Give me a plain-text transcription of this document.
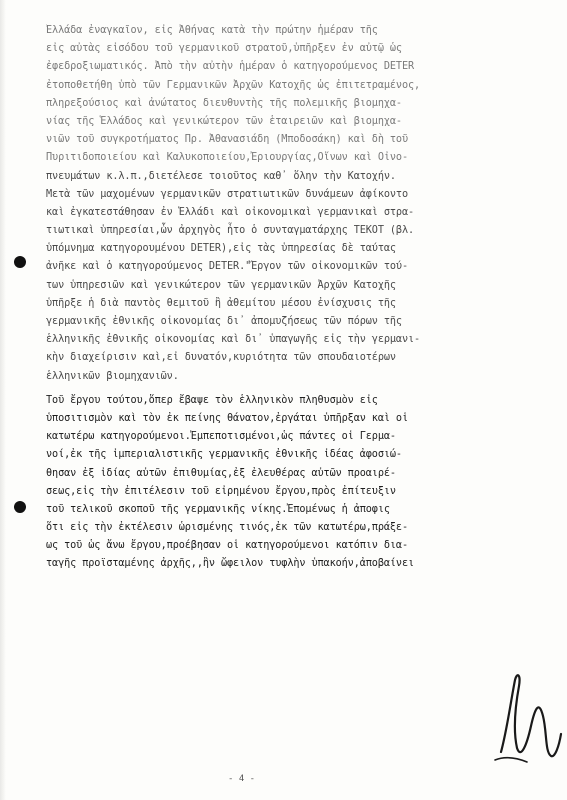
Ἑλλάδα ἐναγκαῖον, εἰς Ἀθήνας κατὰ τὴν πρώτην ἡμέραν τῆς
εἰς αὐτὰς εἰσόδου τοῦ γερμανικοῦ στρατοῦ,ὑπῆρξεν ἐν αὐτῷ ὡς
ἐφεδροξιωματικός. Ἀπὸ τὴν αὐτὴν ἡμέραν ὁ κατηγορούμενος DETER
ἐτοποθετήθη ὑπὸ τῶν Γερμανικῶν Ἀρχῶν Κατοχῆς ὡς ἐπιτετραμένος,
πληρεξούσιος καὶ ἀνώτατος διευθυντὴς τῆς πολεμικῆς βιομηχα-
νίας τῆς Ἑλλάδος καὶ γενικώτερον τῶν ἑταιρειῶν καὶ βιομηχα-
νιῶν τοῦ συγκροτήματος Πρ. Ἀθανασιάδη (Μποδοσάκη) καὶ δὴ τοῦ
Πυριτιδοποιείου καὶ Καλυκοποιείου,Ἐριουργίας,Οἴνων καὶ Οἰνο-
πνευμάτων κ.λ.π.,διετέλεσε τοιοῦτος καθ᾽ ὅλην τὴν Κατοχήν.
Μετὰ τῶν μαχομένων γερμανικῶν στρατιωτικῶν δυνάμεων ἀφίκοντο
καὶ ἐγκατεστάθησαν ἐν Ἑλλάδι καὶ οἰκονομικαὶ γερμανικαὶ στρα-
τιωτικαὶ ὑπηρεσίαι,ὧν ἀρχηγὸς ἦτο ὁ συνταγματάρχης ΤΕΚΟΤ (βλ.
ὑπόμνημα κατηγορουμένου DETER),εἰς τὰς ὑπηρεσίας δὲ ταύτας
ἀνῆκε καὶ ὁ κατηγορούμενος DETER."Ἔργον τῶν οἰκονομικῶν τού-
των ὑπηρεσιῶν καὶ γενικώτερον τῶν γερμανικῶν Ἀρχῶν Κατοχῆς
ὑπῆρξε ἡ διὰ παντὸς θεμιτοῦ ἢ ἀθεμίτου μέσου ἐνίσχυσις τῆς
γερμανικῆς ἐθνικῆς οἰκονομίας δι᾽ ἀπομυζήσεως τῶν πόρων τῆς
ἑλληνικῆς ἐθνικῆς οἰκονομίας καὶ δι᾽ ὑπαγωγῆς εἰς τὴν γερμανι-
κὴν διαχείρισιν καὶ,εἰ δυνατόν,κυριότητα τῶν σπουδαιοτέρων
ἑλληνικῶν βιομηχανιῶν.
Τοῦ ἔργου τούτου,ὅπερ ἔβαψε τὸν ἑλληνικὸν πληθυσμὸν εἰς
ὑποσιτισμὸν καὶ τὸν ἐκ πείνης θάνατον,ἐργάται ὑπῆρξαν καὶ οἱ
κατωτέρω κατηγορούμενοι.Ἐμπεποτισμένοι,ὡς πάντες οἱ Γερμα-
νοί,ἐκ τῆς ἰμπεριαλιστικῆς γερμανικῆς ἐθνικῆς ἰδέας ἀφοσιώ-
θησαν ἐξ ἰδίας αὐτῶν ἐπιθυμίας,ἐξ ἐλευθέρας αὐτῶν προαιρέ-
σεως,εἰς τὴν ἐπιτέλεσιν τοῦ εἰρημένου ἔργου,πρὸς ἐπίτευξιν
τοῦ τελικοῦ σκοποῦ τῆς γερμανικῆς νίκης.Ἐπομένως ἡ ἀποφις
ὅτι εἰς τὴν ἐκτέλεσιν ὡρισμένης τινός,ἐκ τῶν κατωτέρω,πράξε-
ως τοῦ ὡς ἄνω ἔργου,προέβησαν οἱ κατηγορούμενοι κατόπιν δια-
ταγῆς προϊσταμένης ἀρχῆς,,ἣν ὤφειλον τυφλὴν ὑπακοήν,ἀποβαίνει
- 4 -
